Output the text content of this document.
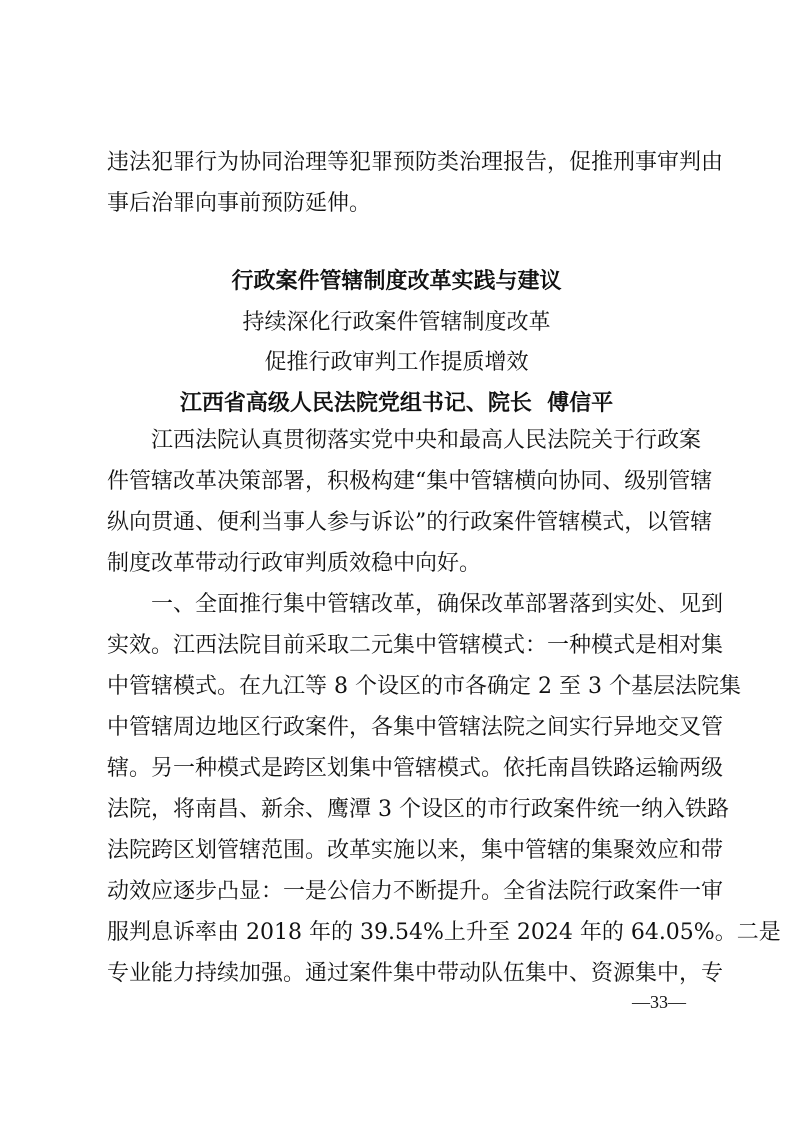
违法犯罪行为协同治理等犯罪预防类治理报告，促推刑事审判由
事后治罪向事前预防延伸。
行政案件管辖制度改革实践与建议
持续深化行政案件管辖制度改革
促推行政审判工作提质增效
江西省高级人民法院党组书记、院长  傅信平
　　江西法院认真贯彻落实党中央和最高人民法院关于行政案
件管辖改革决策部署，积极构建“集中管辖横向协同、级别管辖
纵向贯通、便利当事人参与诉讼”的行政案件管辖模式，以管辖
制度改革带动行政审判质效稳中向好。
　　一、全面推行集中管辖改革，确保改革部署落到实处、见到
实效。江西法院目前采取二元集中管辖模式：一种模式是相对集
中管辖模式。在九江等 8 个设区的市各确定 2 至 3 个基层法院集
中管辖周边地区行政案件，各集中管辖法院之间实行异地交叉管
辖。另一种模式是跨区划集中管辖模式。依托南昌铁路运输两级
法院，将南昌、新余、鹰潭 3 个设区的市行政案件统一纳入铁路
法院跨区划管辖范围。改革实施以来，集中管辖的集聚效应和带
动效应逐步凸显：一是公信力不断提升。全省法院行政案件一审
服判息诉率由 2018 年的 39.54%上升至 2024 年的 64.05%。二是
专业能力持续加强。通过案件集中带动队伍集中、资源集中，专
—33—
